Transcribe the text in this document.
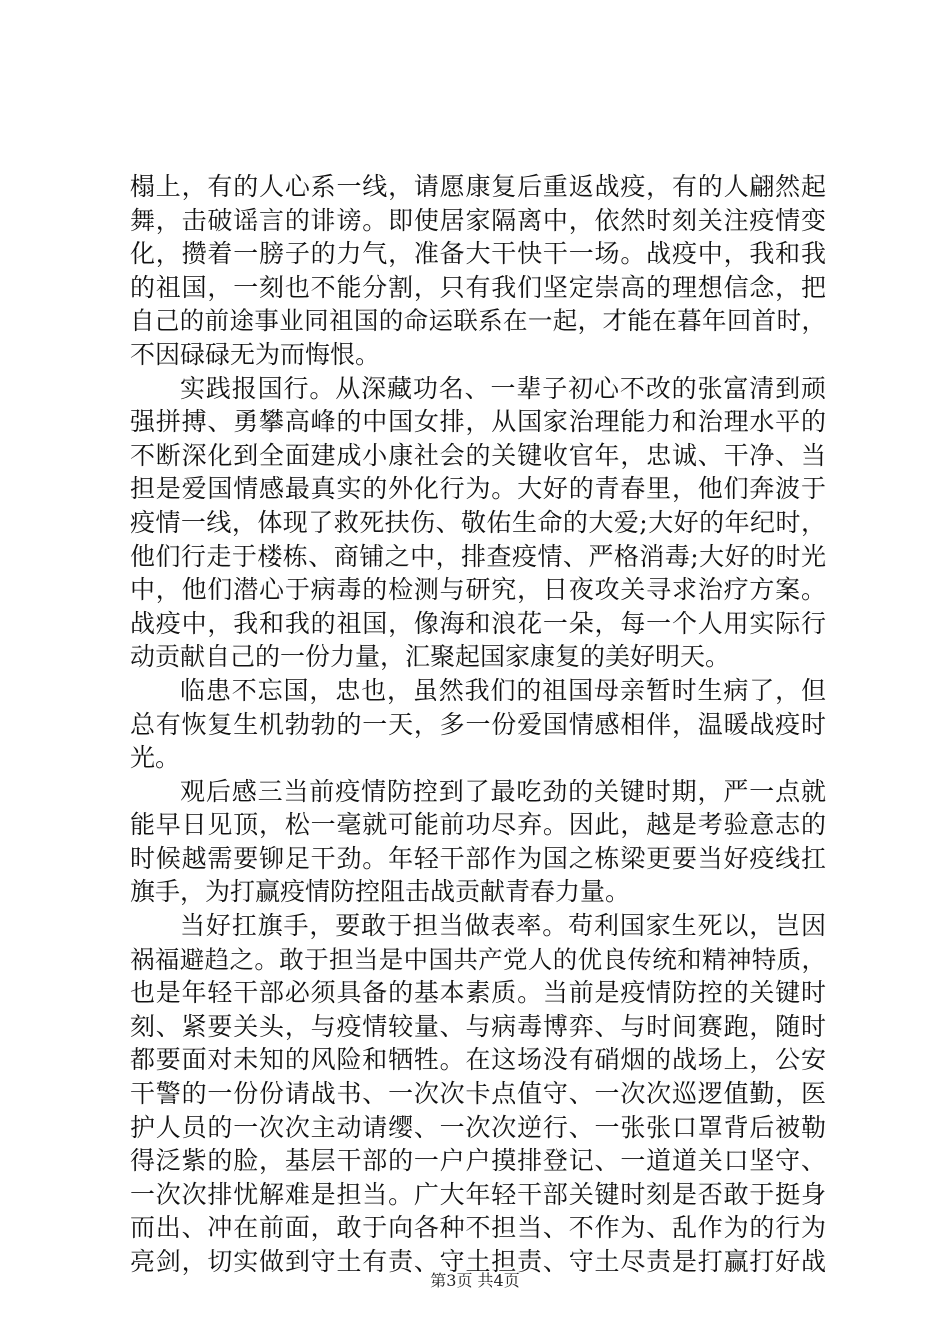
榻上，有的人心系一线，请愿康复后重返战疫，有的人翩然起
舞，击破谣言的诽谤。即使居家隔离中，依然时刻关注疫情变
化，攒着一膀子的力气，准备大干快干一场。战疫中，我和我
的祖国，一刻也不能分割，只有我们坚定崇高的理想信念，把
自己的前途事业同祖国的命运联系在一起，才能在暮年回首时，
不因碌碌无为而悔恨。
实践报国行。从深藏功名、一辈子初心不改的张富清到顽
强拼搏、勇攀高峰的中国女排，从国家治理能力和治理水平的
不断深化到全面建成小康社会的关键收官年，忠诚、干净、当
担是爱国情感最真实的外化行为。大好的青春里，他们奔波于
疫情一线，体现了救死扶伤、敬佑生命的大爱;大好的年纪时，
他们行走于楼栋、商铺之中，排查疫情、严格消毒;大好的时光
中，他们潜心于病毒的检测与研究，日夜攻关寻求治疗方案。
战疫中，我和我的祖国，像海和浪花一朵，每一个人用实际行
动贡献自己的一份力量，汇聚起国家康复的美好明天。
临患不忘国，忠也，虽然我们的祖国母亲暂时生病了，但
总有恢复生机勃勃的一天，多一份爱国情感相伴，温暖战疫时
光。
观后感三当前疫情防控到了最吃劲的关键时期，严一点就
能早日见顶，松一毫就可能前功尽弃。因此，越是考验意志的
时候越需要铆足干劲。年轻干部作为国之栋梁更要当好疫线扛
旗手，为打赢疫情防控阻击战贡献青春力量。
当好扛旗手，要敢于担当做表率。苟利国家生死以，岂因
祸福避趋之。敢于担当是中国共产党人的优良传统和精神特质，
也是年轻干部必须具备的基本素质。当前是疫情防控的关键时
刻、紧要关头，与疫情较量、与病毒博弈、与时间赛跑，随时
都要面对未知的风险和牺牲。在这场没有硝烟的战场上，公安
干警的一份份请战书、一次次卡点值守、一次次巡逻值勤，医
护人员的一次次主动请缨、一次次逆行、一张张口罩背后被勒
得泛紫的脸，基层干部的一户户摸排登记、一道道关口坚守、
一次次排忧解难是担当。广大年轻干部关键时刻是否敢于挺身
而出、冲在前面，敢于向各种不担当、不作为、乱作为的行为
亮剑，切实做到守土有责、守土担责、守土尽责是打赢打好战
第3页 共4页
